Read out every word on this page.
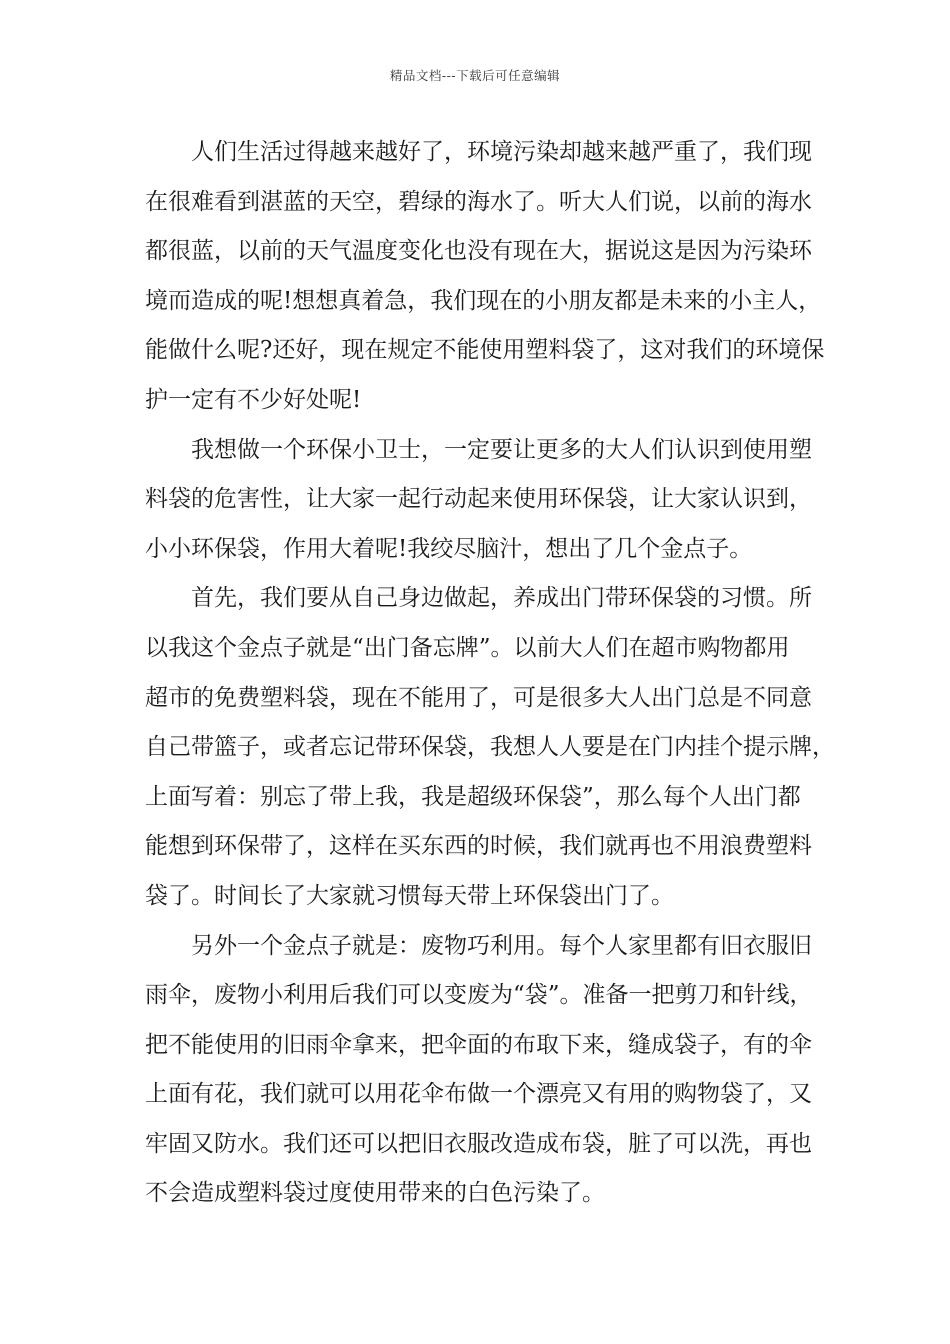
精品文档---下载后可任意编辑
人们生活过得越来越好了，环境污染却越来越严重了，我们现
在很难看到湛蓝的天空，碧绿的海水了。听大人们说，以前的海水
都很蓝，以前的天气温度变化也没有现在大，据说这是因为污染环
境而造成的呢!想想真着急，我们现在的小朋友都是未来的小主人，
能做什么呢?还好，现在规定不能使用塑料袋了，这对我们的环境保
护一定有不少好处呢!
我想做一个环保小卫士，一定要让更多的大人们认识到使用塑
料袋的危害性，让大家一起行动起来使用环保袋，让大家认识到，
小小环保袋，作用大着呢!我绞尽脑汁，想出了几个金点子。
首先，我们要从自己身边做起，养成出门带环保袋的习惯。所
以我这个金点子就是“出门备忘牌”。以前大人们在超市购物都用
超市的免费塑料袋，现在不能用了，可是很多大人出门总是不同意
自己带篮子，或者忘记带环保袋，我想人人要是在门内挂个提示牌，
上面写着：别忘了带上我，我是超级环保袋”，那么每个人出门都
能想到环保带了，这样在买东西的时候，我们就再也不用浪费塑料
袋了。时间长了大家就习惯每天带上环保袋出门了。
另外一个金点子就是：废物巧利用。每个人家里都有旧衣服旧
雨伞，废物小利用后我们可以变废为“袋”。准备一把剪刀和针线，
把不能使用的旧雨伞拿来，把伞面的布取下来，缝成袋子，有的伞
上面有花，我们就可以用花伞布做一个漂亮又有用的购物袋了，又
牢固又防水。我们还可以把旧衣服改造成布袋，脏了可以洗，再也
不会造成塑料袋过度使用带来的白色污染了。
